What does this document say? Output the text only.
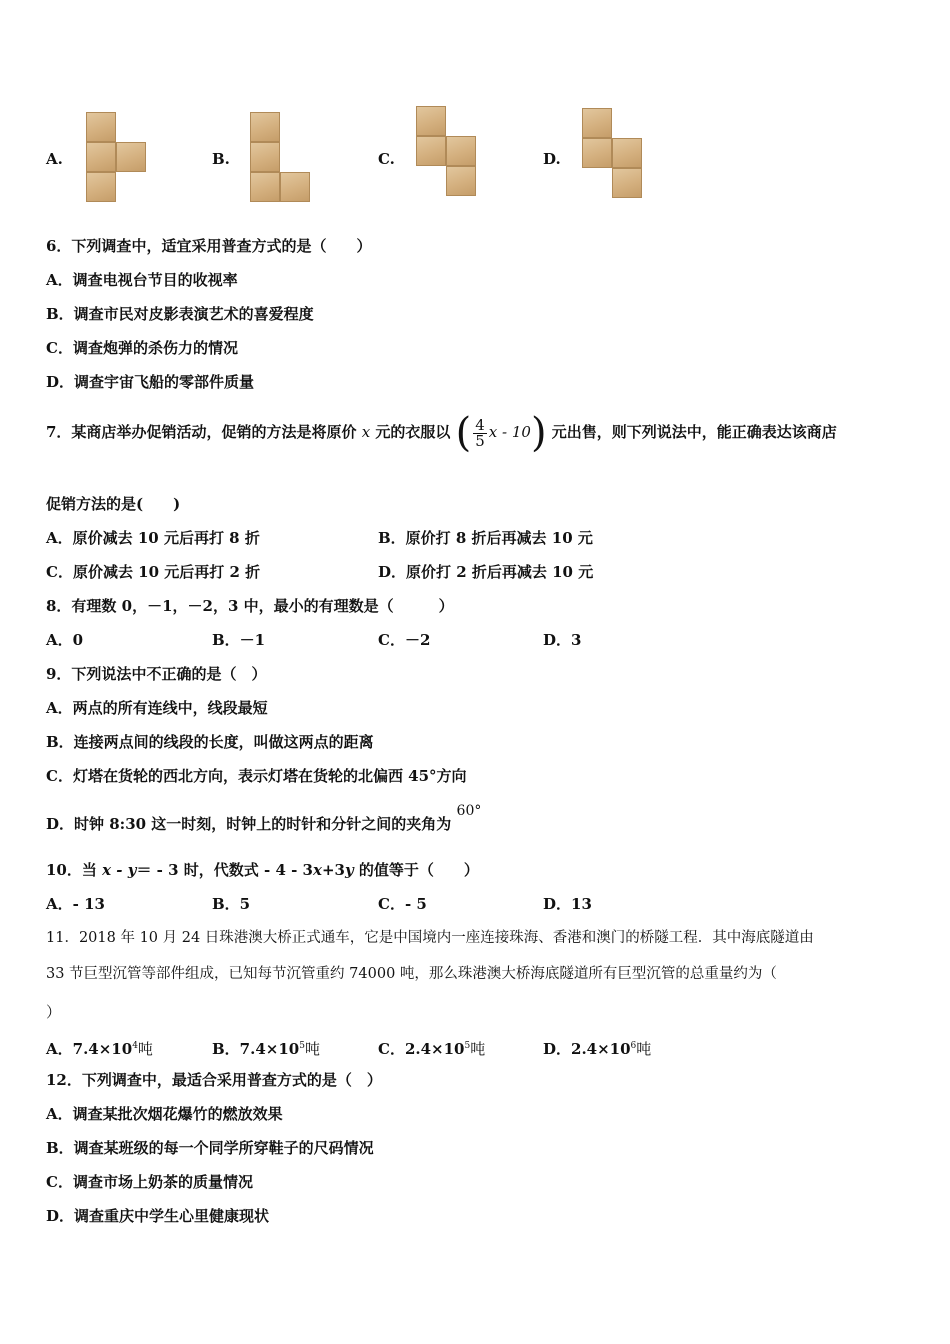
A.	B.	C.	D.
6．下列调查中，适宜采用普查方式的是（　　）
A．调查电视台节目的收视率
B．调查市民对皮影表演艺术的喜爱程度
C．调查炮弹的杀伤力的情况
D．调查宇宙飞船的零部件质量
7．某商店举办促销活动，促销的方法是将原价 x 元的衣服以 ( $\frac{4}{5}$ x - 10) 元出售，则下列说法中，能正确表达该商店
促销方法的是(　　)
A．原价减去 10 元后再打 8 折	B．原价打 8 折后再减去 10 元
C．原价减去 10 元后再打 2 折	D．原价打 2 折后再减去 10 元
8．有理数 0，－1，－2，3 中，最小的有理数是（　　　）
A．0	B．－1	C．－2	D．3
9．下列说法中不正确的是（　）
A．两点的所有连线中，线段最短
B．连接两点间的线段的长度，叫做这两点的距离
C．灯塔在货轮的西北方向，表示灯塔在货轮的北偏西 45°方向
D．时钟 8:30 这一时刻，时钟上的时针和分针之间的夹角为 60°
10．当 x - y＝ - 3 时，代数式 - 4 - 3x+3y 的值等于（　　）
A．- 13	B．5	C．- 5	D．13
11．2018 年 10 月 24 日珠港澳大桥正式通车，它是中国境内一座连接珠海、香港和澳门的桥隧工程．其中海底隧道由
33 节巨型沉管等部件组成，已知每节沉管重约 74000 吨，那么珠港澳大桥海底隧道所有巨型沉管的总重量约为（
）
A．$7.4\times 10^4$吨	B．$7.4\times 10^5$吨	C．$2.4\times 10^5$吨	D．$2.4\times 10^6$吨
12．下列调查中，最适合采用普查方式的是（　）
A．调查某批次烟花爆竹的燃放效果
B．调查某班级的每一个同学所穿鞋子的尺码情况
C．调查市场上奶茶的质量情况
D．调查重庆中学生心里健康现状
